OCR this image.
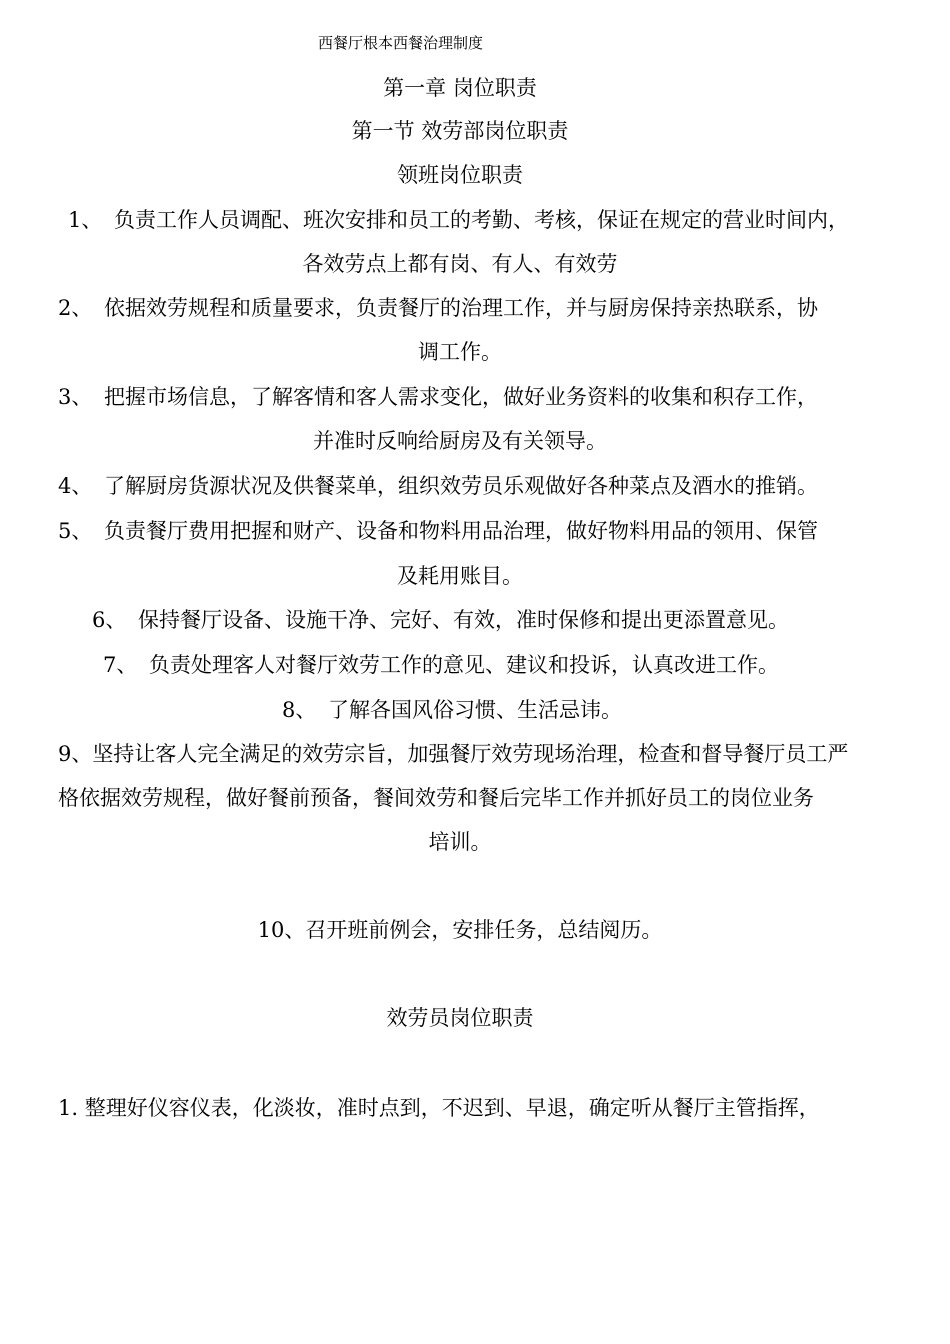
西餐厅根本西餐治理制度
第一章 岗位职责
第一节 效劳部岗位职责
领班岗位职责
1、 负责工作人员调配、班次安排和员工的考勤、考核，保证在规定的营业时间内，
各效劳点上都有岗、有人、有效劳
2、 依据效劳规程和质量要求，负责餐厅的治理工作，并与厨房保持亲热联系，协
调工作。
3、 把握市场信息，了解客情和客人需求变化，做好业务资料的收集和积存工作，
并准时反响给厨房及有关领导。
4、 了解厨房货源状况及供餐菜单，组织效劳员乐观做好各种菜点及酒水的推销。
5、 负责餐厅费用把握和财产、设备和物料用品治理，做好物料用品的领用、保管
及耗用账目。
6、 保持餐厅设备、设施干净、完好、有效，准时保修和提出更添置意见。
7、 负责处理客人对餐厅效劳工作的意见、建议和投诉，认真改进工作。
8、 了解各国风俗习惯、生活忌讳。
9、坚持让客人完全满足的效劳宗旨，加强餐厅效劳现场治理，检查和督导餐厅员工严
格依据效劳规程，做好餐前预备，餐间效劳和餐后完毕工作并抓好员工的岗位业务
培训。
10、召开班前例会，安排任务，总结阅历。
效劳员岗位职责
1. 整理好仪容仪表，化淡妆，准时点到，不迟到、早退，确定听从餐厅主管指挥，
